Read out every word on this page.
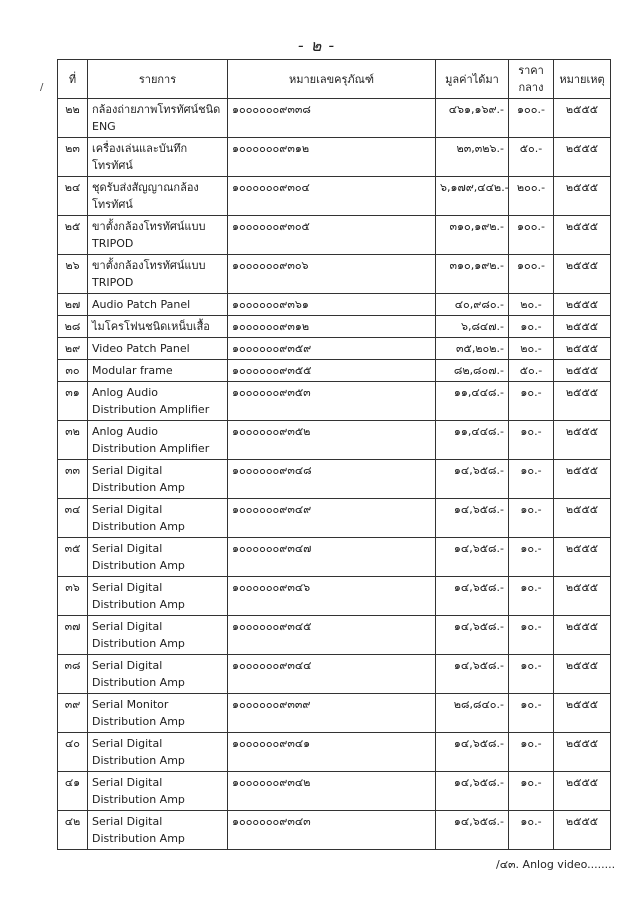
- ๒ -
/
ที่	รายการ	หมายเลขครุภัณฑ์	มูลค่าได้มา	ราคากลาง	หมายเหตุ
๒๒	กล้องถ่ายภาพโทรทัศน์ชนิด ENG	๑๐๐๐๐๐๐๙๓๓๘	๔๖๑,๑๖๙.-	๑๐๐.-	๒๕๕๕
๒๓	เครื่องเล่นและบันทึกโทรทัศน์	๑๐๐๐๐๐๐๙๓๑๒	๒๓,๓๒๖.-	๕๐.-	๒๕๕๕
๒๔	ชุดรับส่งสัญญาณกล้องโทรทัศน์	๑๐๐๐๐๐๐๙๓๐๔	๖,๑๗๙,๔๔๒.-	๒๐๐.-	๒๕๕๕
๒๕	ขาตั้งกล้องโทรทัศน์แบบ TRIPOD	๑๐๐๐๐๐๐๙๓๐๕	๓๑๐,๑๙๒.-	๑๐๐.-	๒๕๕๕
๒๖	ขาตั้งกล้องโทรทัศน์แบบ TRIPOD	๑๐๐๐๐๐๐๙๓๐๖	๓๑๐,๑๙๒.-	๑๐๐.-	๒๕๕๕
๒๗	Audio Patch Panel	๑๐๐๐๐๐๐๙๓๖๑	๔๐,๙๘๐.-	๒๐.-	๒๕๕๕
๒๘	ไมโครโฟนชนิดเหน็บเสื้อ	๑๐๐๐๐๐๐๙๓๑๒	๖,๘๔๗.-	๑๐.-	๒๕๕๕
๒๙	Video Patch Panel	๑๐๐๐๐๐๐๙๓๕๙	๓๕,๒๐๒.-	๒๐.-	๒๕๕๕
๓๐	Modular frame	๑๐๐๐๐๐๐๙๓๕๕	๘๒,๘๐๗.-	๕๐.-	๒๕๕๕
๓๑	Anlog Audio Distribution Amplifier	๑๐๐๐๐๐๐๙๓๕๓	๑๑,๔๔๘.-	๑๐.-	๒๕๕๕
๓๒	Anlog Audio Distribution Amplifier	๑๐๐๐๐๐๐๙๓๕๒	๑๑,๔๔๘.-	๑๐.-	๒๕๕๕
๓๓	Serial Digital Distribution Amp	๑๐๐๐๐๐๐๙๓๔๘	๑๔,๖๕๘.-	๑๐.-	๒๕๕๕
๓๔	Serial Digital Distribution Amp	๑๐๐๐๐๐๐๙๓๔๙	๑๔,๖๕๘.-	๑๐.-	๒๕๕๕
๓๕	Serial Digital Distribution Amp	๑๐๐๐๐๐๐๙๓๔๗	๑๔,๖๕๘.-	๑๐.-	๒๕๕๕
๓๖	Serial Digital Distribution Amp	๑๐๐๐๐๐๐๙๓๔๖	๑๔,๖๕๘.-	๑๐.-	๒๕๕๕
๓๗	Serial Digital Distribution Amp	๑๐๐๐๐๐๐๙๓๔๕	๑๔,๖๕๘.-	๑๐.-	๒๕๕๕
๓๘	Serial Digital Distribution Amp	๑๐๐๐๐๐๐๙๓๔๔	๑๔,๖๕๘.-	๑๐.-	๒๕๕๕
๓๙	Serial Monitor Distribution Amp	๑๐๐๐๐๐๐๙๓๓๙	๒๘,๘๔๐.-	๑๐.-	๒๕๕๕
๔๐	Serial Digital Distribution Amp	๑๐๐๐๐๐๐๙๓๔๑	๑๔,๖๕๘.-	๑๐.-	๒๕๕๕
๔๑	Serial Digital Distribution Amp	๑๐๐๐๐๐๐๙๓๔๒	๑๔,๖๕๘.-	๑๐.-	๒๕๕๕
๔๒	Serial Digital Distribution Amp	๑๐๐๐๐๐๐๙๓๔๓	๑๔,๖๕๘.-	๑๐.-	๒๕๕๕
/๔๓. Anlog video........
